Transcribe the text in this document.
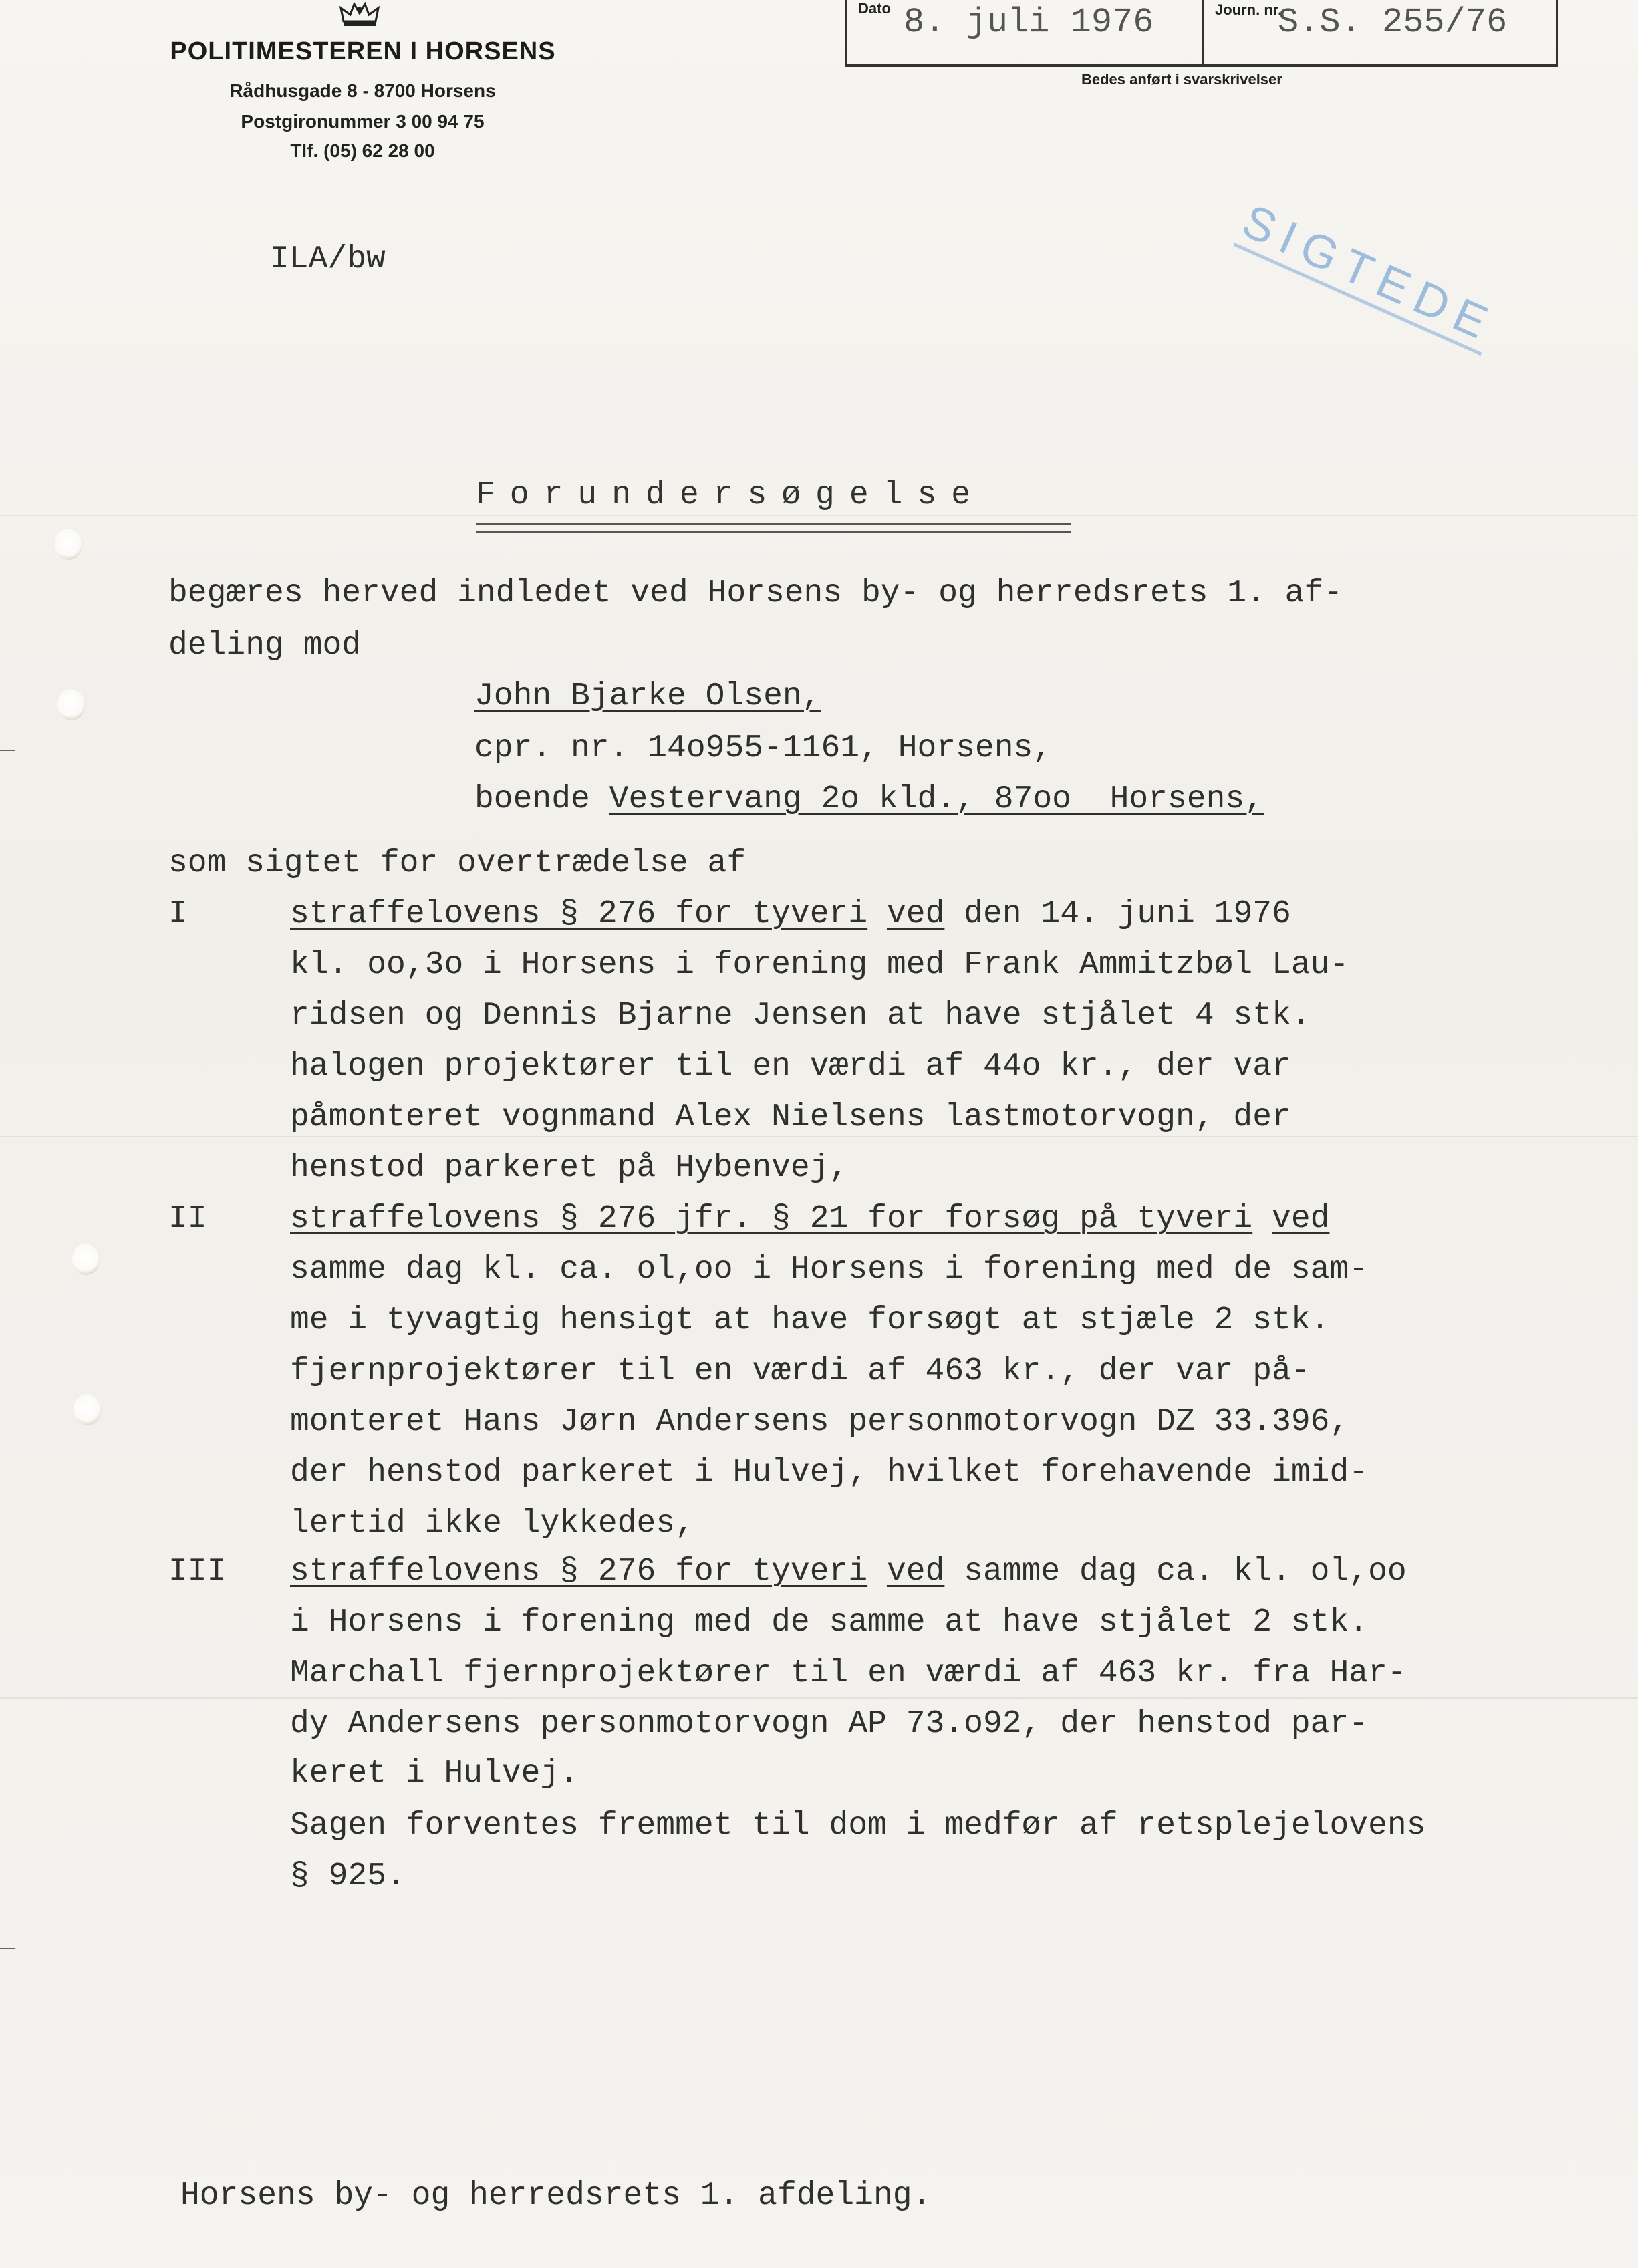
POLITIMESTEREN I HORSENS
Rådhusgade 8 - 8700 Horsens
Postgironummer 3 00 94 75
Tlf. (05) 62 28 00
Dato 8. juli 1976	Journ. nr.
S.S. 255/76
Bedes anført i svarskrivelser
SIGTEDE
ILA/bw
Forundersøgelse
begæres herved indledet ved Horsens by- og herredsrets 1. af-
deling mod
John Bjarke Olsen,
cpr. nr. 14o955-1161, Horsens,
boende Vestervang 2o kld., 87oo  Horsens,
som sigtet for overtrædelse af
I	straffelovens § 276 for tyveri ved den 14. juni 1976
kl. oo,3o i Horsens i forening med Frank Ammitzbøl Lau-
ridsen og Dennis Bjarne Jensen at have stjålet 4 stk.
halogen projektører til en værdi af 44o kr., der var
påmonteret vognmand Alex Nielsens lastmotorvogn, der
henstod parkeret på Hybenvej,
II	straffelovens § 276 jfr. § 21 for forsøg på tyveri ved
samme dag kl. ca. ol,oo i Horsens i forening med de sam-
me i tyvagtig hensigt at have forsøgt at stjæle 2 stk.
fjernprojektører til en værdi af 463 kr., der var på-
monteret Hans Jørn Andersens personmotorvogn DZ 33.396,
der henstod parkeret i Hulvej, hvilket forehavende imid-
lertid ikke lykkedes,
III straffelovens § 276 for tyveri ved samme dag ca. kl. ol,oo
i Horsens i forening med de samme at have stjålet 2 stk.
Marchall fjernprojektører til en værdi af 463 kr. fra Har-
dy Andersens personmotorvogn AP 73.o92, der henstod par-
keret i Hulvej.
Sagen forventes fremmet til dom i medfør af retsplejelovens
§ 925.
Horsens by- og herredsrets 1. afdeling.
